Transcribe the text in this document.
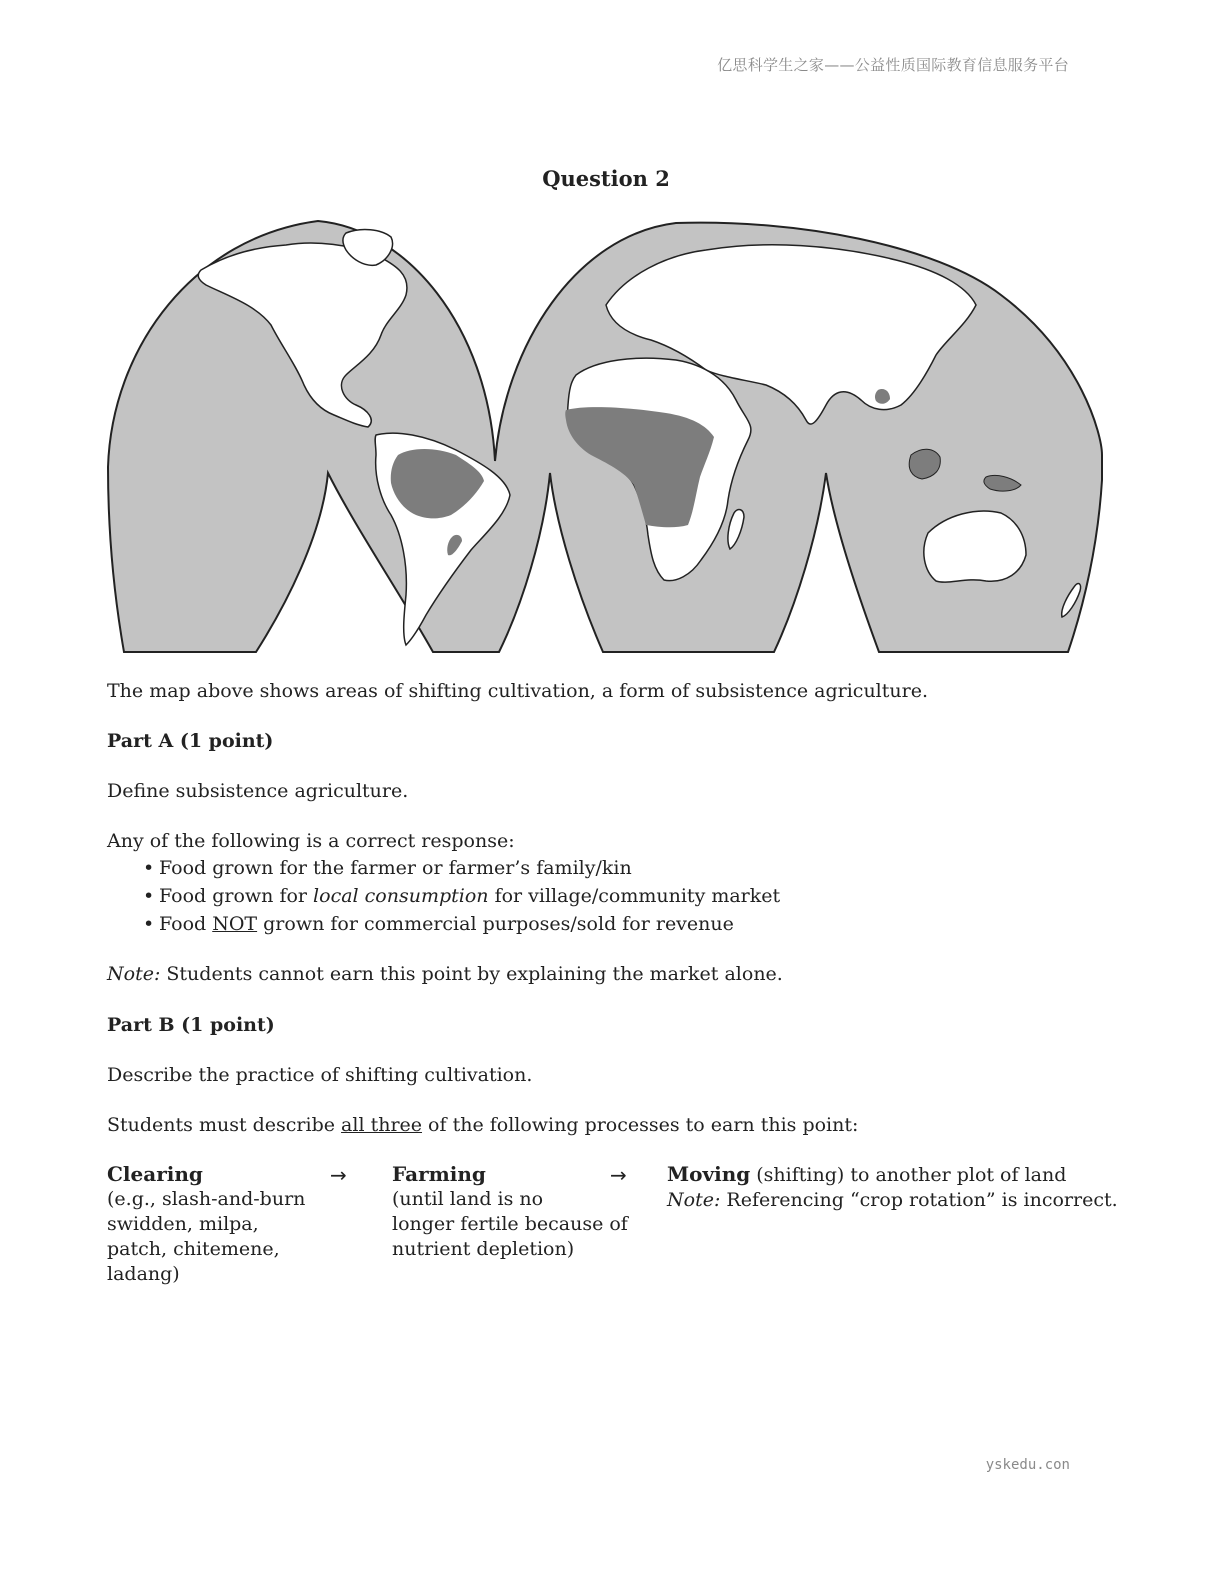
亿思科学生之家——公益性质国际教育信息服务平台
Question 2
The map above shows areas of shifting cultivation, a form of subsistence agriculture.
Part A (1 point)
Define subsistence agriculture.
Any of the following is a correct response:
• Food grown for the farmer or farmer’s family/kin
• Food grown for local consumption for village/community market
• Food NOT grown for commercial purposes/sold for revenue
Note: Students cannot earn this point by explaining the market alone.
Part B (1 point)
Describe the practice of shifting cultivation.
Students must describe all three of the following processes to earn this point:
Clearing
(e.g., slash-and-burn
swidden, milpa,
patch, chitemene,
ladang)
→ Farming
(until land is no
longer fertile because of
nutrient depletion)
→ Moving (shifting) to another plot of land
Note: Referencing “crop rotation” is incorrect.
yskedu.con
